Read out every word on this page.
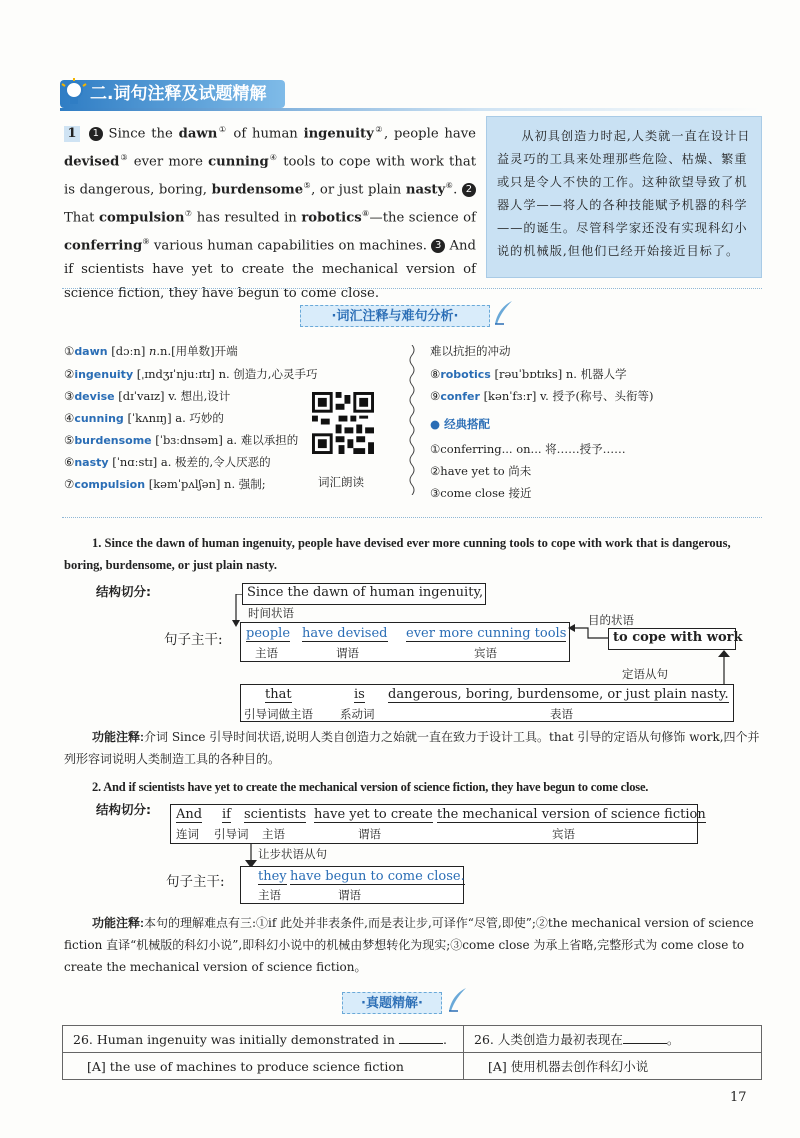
二.词句注释及试题精解
1 1 Since the dawn① of human ingenuity②, people have devised③ ever more cunning④ tools to cope with work that is dangerous, boring, burdensome⑤, or just plain nasty⑥. 2 That compulsion⑦ has resulted in robotics⑧—the science of conferring⑨ various human capabilities on machines. 3 And if scientists have yet to create the mechanical version of science fiction, they have begun to come close.
从初具创造力时起,人类就一直在设计日益灵巧的工具来处理那些危险、枯燥、繁重或只是令人不快的工作。这种欲望导致了机器人学——将人的各种技能赋予机器的科学——的诞生。尽管科学家还没有实现科幻小说的机械版,但他们已经开始接近目标了。
·词汇注释与难句分析·
①dawn [dɔːn] n.n.[用单数]开端
②ingenuity [ˌɪndʒɪˈnjuːɪtɪ] n. 创造力,心灵手巧
③devise [dɪˈvaɪz] v. 想出,设计
④cunning [ˈkʌnɪŋ] a. 巧妙的
⑤burdensome [ˈbɜːdnsəm] a. 难以承担的
⑥nasty [ˈnɑːstɪ] a. 极差的,令人厌恶的
⑦compulsion [kəmˈpʌlʃən] n. 强制;	词汇朗读
难以抗拒的冲动
⑧robotics [rəuˈbɒtɪks] n. 机器人学
⑨confer [kənˈfɜːr] v. 授予(称号、头衔等)
● 经典搭配
①conferring... on... 将……授予……
②have yet to 尚未
③come close 接近
1. Since the dawn of human ingenuity, people have devised ever more cunning tools to cope with work that is dangerous, boring, burdensome, or just plain nasty.
结构切分:	Since the dawn of human ingenuity,
时间状语
句子主干: people have devised ever more cunning tools
主语	谓语	宾语
目的状语
to cope with work
定语从句
that	is dangerous, boring, burdensome, or just plain nasty.
引导词做主语 系动词	表语
功能注释:介词 Since 引导时间状语,说明人类自创造力之始就一直在致力于设计工具。that 引导的定语从句修饰 work,四个并列形容词说明人类制造工具的各种目的。
2. And if scientists have yet to create the mechanical version of science fiction, they have begun to come close.
结构切分: And if scientists have yet to create the mechanical version of science fiction
连词 引导词 主语	谓语	宾语
让步状语从句
句子主干:	they have begun to come close.
主语	谓语
功能注释:本句的理解难点有三:①if 此处并非表条件,而是表让步,可译作“尽管,即使”;②the mechanical version of science fiction 直译“机械版的科幻小说”,即科幻小说中的机械由梦想转化为现实;③come close 为承上省略,完整形式为 come close to create the mechanical version of science fiction。
·真题精解·
26. Human ingenuity was initially demonstrated in .	26. 人类创造力最初表现在 。
[A] the use of machines to produce science fiction	[A] 使用机器去创作科幻小说
17
